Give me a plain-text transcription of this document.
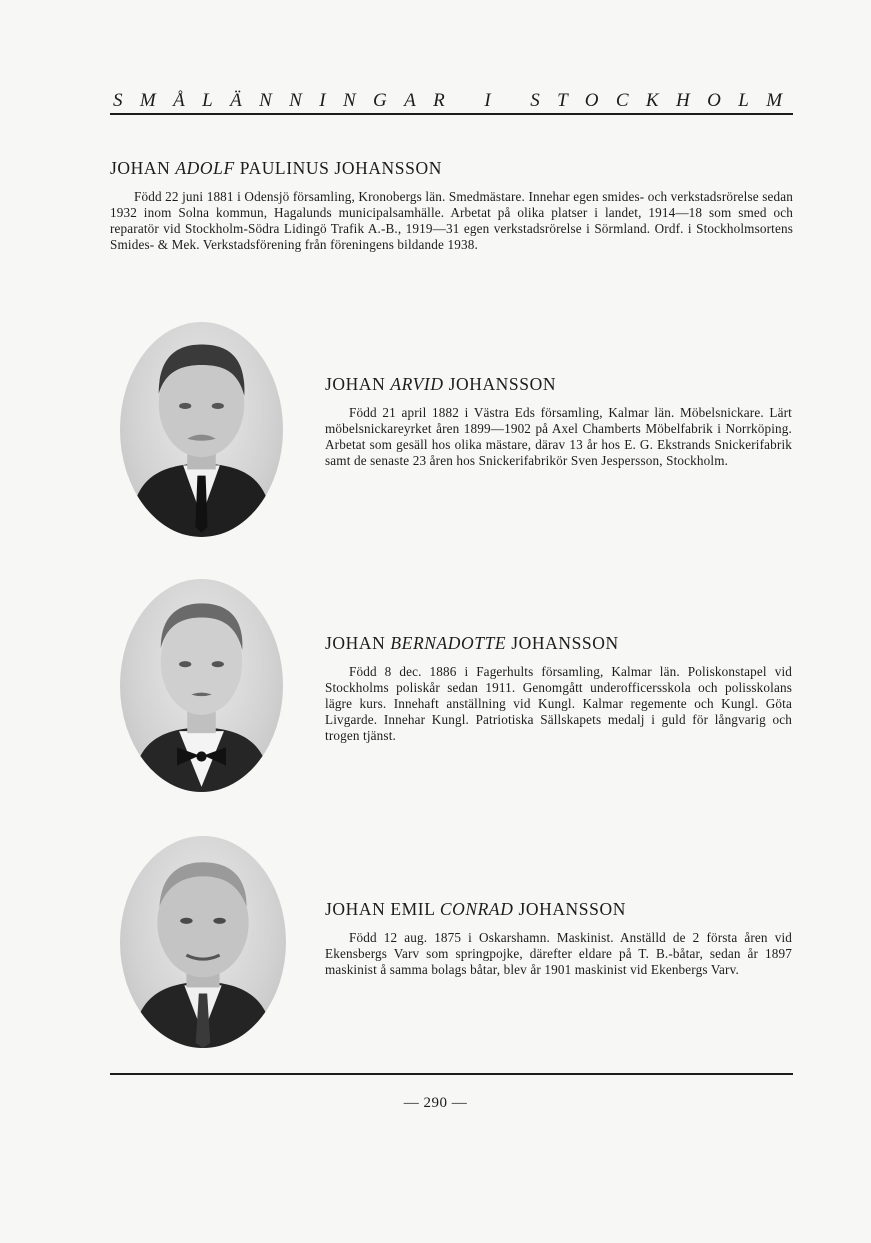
SMÅLÄNNINGAR I STOCKHOLM
JOHAN ADOLF PAULINUS JOHANSSON
Född 22 juni 1881 i Odensjö församling, Kronobergs län. Smedmästare. Innehar egen smides- och verkstadsrörelse sedan 1932 inom Solna kommun, Hagalunds municipalsamhälle. Arbetat på olika platser i landet, 1914—18 som smed och reparatör vid Stockholm-Södra Lidingö Trafik A.-B., 1919—31 egen verkstadsrörelse i Sörmland. Ordf. i Stockholmsortens Smides- & Mek. Verkstadsförening från föreningens bildande 1938.
JOHAN ARVID JOHANSSON
Född 21 april 1882 i Västra Eds församling, Kalmar län. Möbelsnickare. Lärt möbelsnickareyrket åren 1899—1902 på Axel Chamberts Möbelfabrik i Norrköping. Arbetat som gesäll hos olika mästare, därav 13 år hos E. G. Ekstrands Snickerifabrik samt de senaste 23 åren hos Snickerifabrikör Sven Jespersson, Stockholm.
JOHAN BERNADOTTE JOHANSSON
Född 8 dec. 1886 i Fagerhults församling, Kalmar län. Poliskonstapel vid Stockholms poliskår sedan 1911. Genomgått underofficersskola och polisskolans lägre kurs. Innehaft anställning vid Kungl. Kalmar regemente och Kungl. Göta Livgarde. Innehar Kungl. Patriotiska Sällskapets medalj i guld för långvarig och trogen tjänst.
JOHAN EMIL CONRAD JOHANSSON
Född 12 aug. 1875 i Oskarshamn. Maskinist. Anställd de 2 första åren vid Ekensbergs Varv som springpojke, därefter eldare på T. B.-båtar, sedan år 1897 maskinist å samma bolags båtar, blev år 1901 maskinist vid Ekenbergs Varv.
— 290 —
